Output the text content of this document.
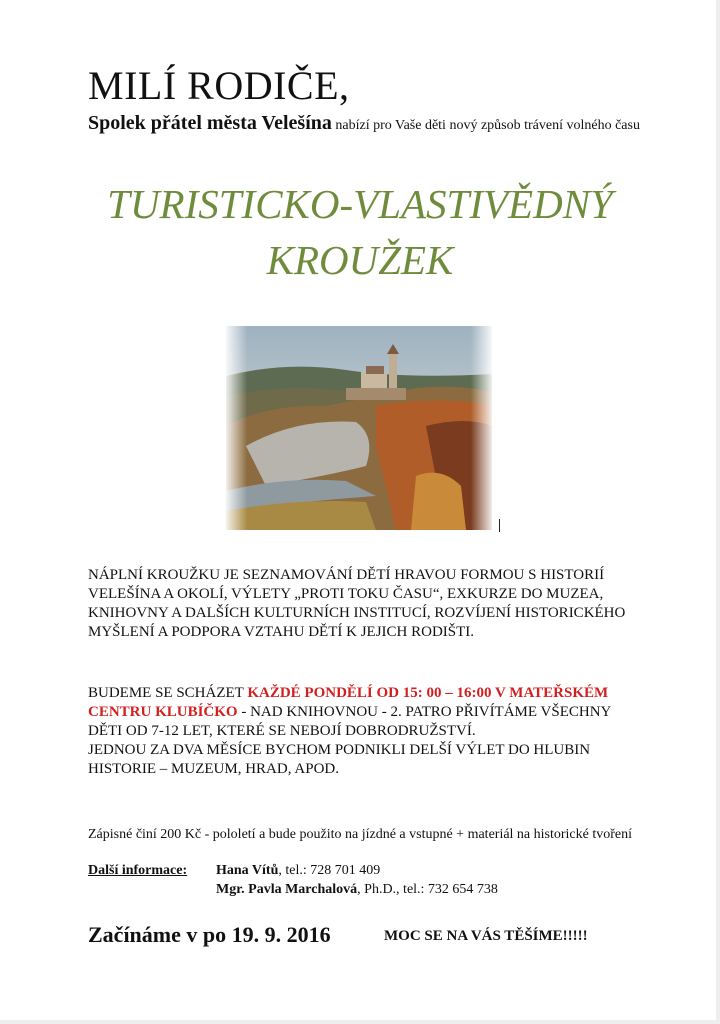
MILÍ RODIČE,
Spolek přátel města Velešína nabízí pro Vaše děti nový způsob trávení volného času
TURISTICKO-VLASTIVĚDNÝ
KROUŽEK
NÁPLNÍ KROUŽKU JE SEZNAMOVÁNÍ DĚTÍ HRAVOU FORMOU S HISTORIÍ VELEŠÍNA A OKOLÍ, VÝLETY „PROTI TOKU ČASU“, EXKURZE DO MUZEA, KNIHOVNY A DALŠÍCH KULTURNÍCH INSTITUCÍ, ROZVÍJENÍ HISTORICKÉHO MYŠLENÍ A PODPORA VZTAHU DĚTÍ K JEJICH RODIŠTI.
BUDEME SE SCHÁZET KAŽDÉ PONDĚLÍ OD 15: 00 – 16:00 V MATEŘSKÉM CENTRU KLUBÍČKO - NAD KNIHOVNOU - 2. PATRO PŘIVÍTÁME VŠECHNY DĚTI OD 7-12 LET, KTERÉ SE NEBOJÍ DOBRODRUŽSTVÍ.
JEDNOU ZA DVA MĚSÍCE BYCHOM PODNIKLI DELŠÍ VÝLET DO HLUBIN HISTORIE – MUZEUM, HRAD, APOD.
Zápisné činí 200 Kč - pololetí a bude použito na jízdné a vstupné + materiál na historické tvoření
Další informace: Hana Vítů, tel.: 728 701 409
Mgr. Pavla Marchalová, Ph.D., tel.: 732 654 738
Začínáme v po 19. 9. 2016	MOC SE NA VÁS TĚŠÍME!!!!!
